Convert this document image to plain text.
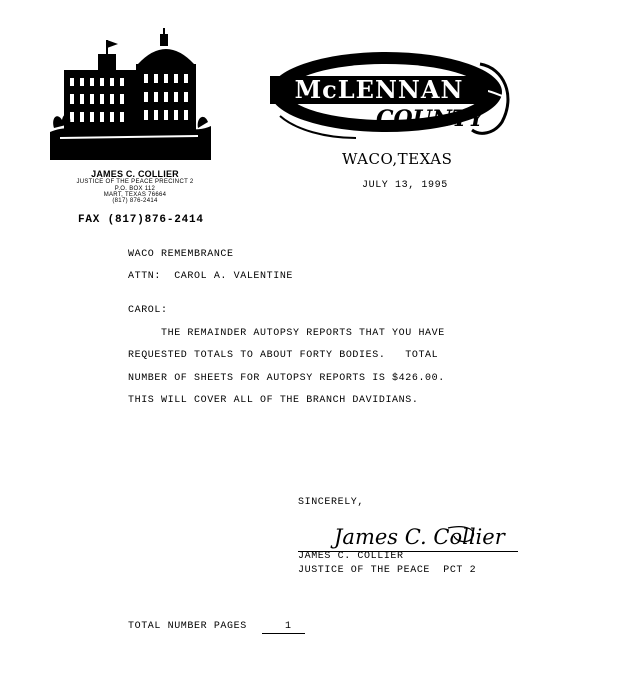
McLENNAN
COUNTY
JAMES C. COLLIER
JUSTICE OF THE PEACE PRECINCT 2
P.O. BOX 112
MART, TEXAS 76664
(817) 876-2414
FAX (817)876-2414
WACO,TEXAS
JULY 13, 1995
WACO REMEMBRANCE
ATTN:  CAROL A. VALENTINE
CAROL:
THE REMAINDER AUTOPSY REPORTS THAT YOU HAVE
REQUESTED TOTALS TO ABOUT FORTY BODIES.   TOTAL
NUMBER OF SHEETS FOR AUTOPSY REPORTS IS $426.00.
THIS WILL COVER ALL OF THE BRANCH DAVIDIANS.
SINCERELY,
James C. Collier
JAMES C. COLLIER
JUSTICE OF THE PEACE  PCT 2
TOTAL NUMBER PAGES	1
